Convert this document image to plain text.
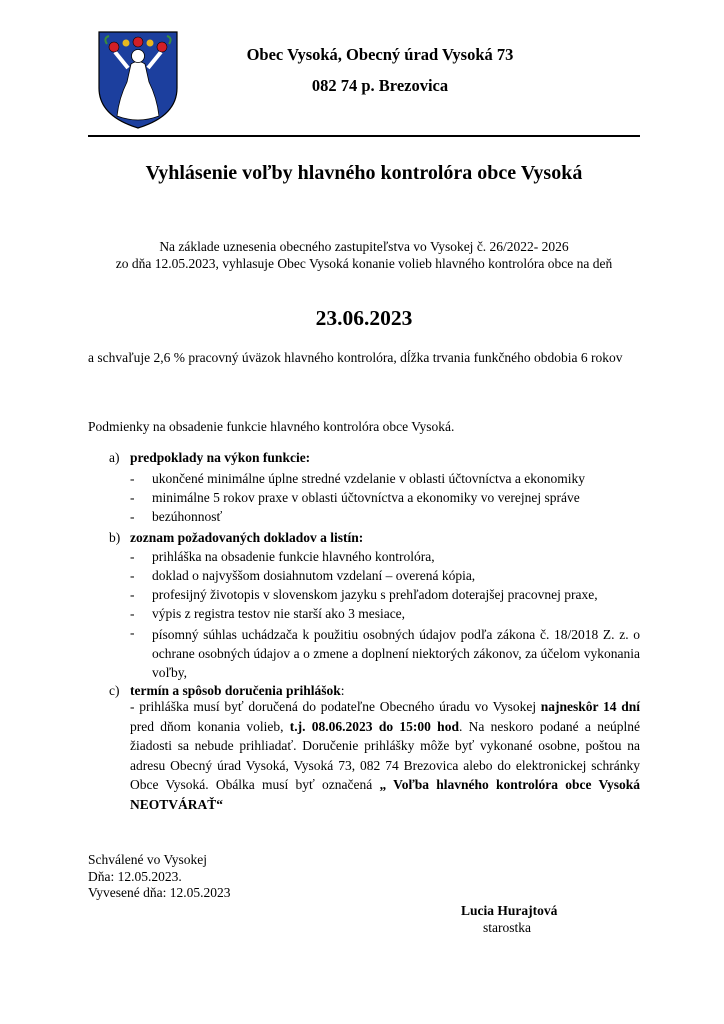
Obec Vysoká, Obecný úrad Vysoká 73
082 74 p. Brezovica
Vyhlásenie voľby hlavného kontrolóra obce Vysoká
Na základe uznesenia obecného zastupiteľstva vo Vysokej č. 26/2022- 2026
zo dňa 12.05.2023, vyhlasuje Obec Vysoká konanie volieb hlavného kontrolóra obce na deň
23.06.2023
a schvaľuje 2,6 % pracovný úväzok hlavného kontrolóra, dĺžka trvania funkčného obdobia 6 rokov
Podmienky na obsadenie funkcie hlavného kontrolóra obce Vysoká.
a) predpoklady na výkon funkcie:
- ukončené minimálne úplne stredné vzdelanie v oblasti účtovníctva a ekonomiky
- minimálne 5 rokov praxe v oblasti účtovníctva a ekonomiky vo verejnej správe
- bezúhonnosť
b) zoznam požadovaných dokladov a listín:
- prihláška na obsadenie funkcie hlavného kontrolóra,
- doklad o najvyššom dosiahnutom vzdelaní – overená kópia,
- profesijný životopis v slovenskom jazyku s prehľadom doterajšej pracovnej praxe,
- výpis z registra testov nie starší ako 3 mesiace,
- písomný súhlas uchádzača k použitiu osobných údajov podľa zákona č. 18/2018 Z. z. o ochrane osobných údajov a o zmene a doplnení niektorých zákonov, za účelom vykonania voľby,
c) termín a spôsob doručenia prihlášok:
- prihláška musí byť doručená do podateľne Obecného úradu vo Vysokej najneskôr 14 dní pred dňom konania volieb, t.j. 08.06.2023 do 15:00 hod. Na neskoro podané a neúplné žiadosti sa nebude prihliadať. Doručenie prihlášky môže byť vykonané osobne, poštou na adresu Obecný úrad Vysoká, Vysoká 73, 082 74 Brezovica alebo do elektronickej schránky Obce Vysoká. Obálka musí byť označená „ Voľba hlavného kontrolóra obce Vysoká NEOTVÁRAŤ“
Schválené vo Vysokej
Dňa: 12.05.2023.
Vyvesené dňa: 12.05.2023
Lucia Hurajtová
starostka
